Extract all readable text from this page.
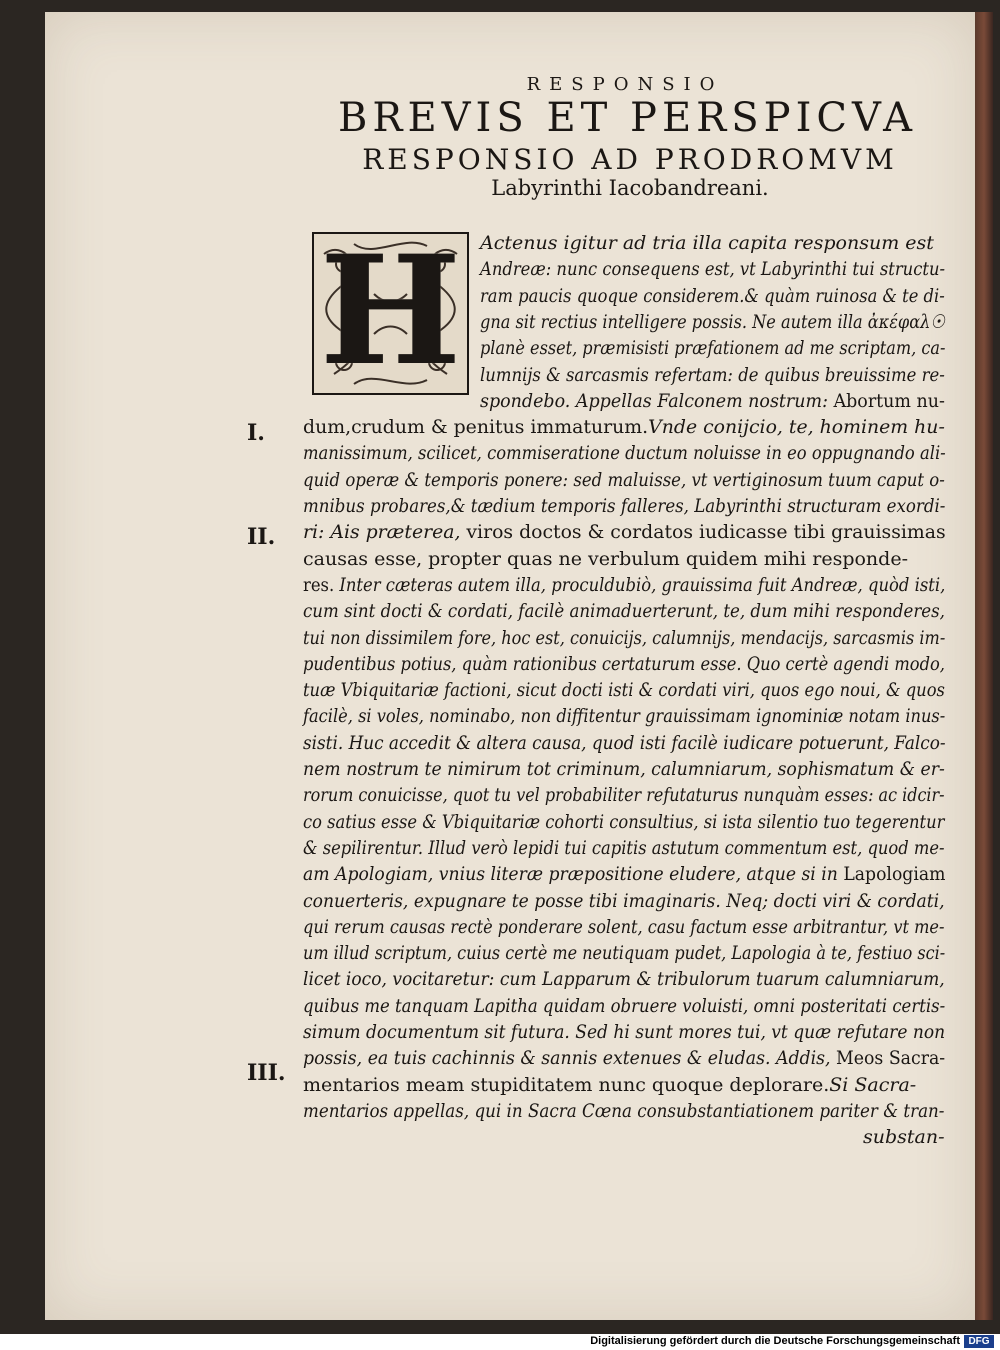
RESPONSIO
BREVIS ET PERSPICVA
RESPONSIO AD PRODROMVM
Labyrinthi Iacobandreani.
H Actenus igitur ad tria illa capita responsum est
Andreæ: nunc consequens est, vt Labyrinthi tui structu-
ram paucis quoque considerem.& quàm ruinosa & te di-
gna sit rectius intelligere possis. Ne autem illa ἀκέφαλ☉
planè esset, præmisisti præfationem ad me scriptam, ca-
lumnijs & sarcasmis refertam: de quibus breuissime re-
spondebo. Appellas Falconem nostrum: Abortum nu-
dum,crudum & penitus immaturum.Vnde conijcio, te, hominem hu-
manissimum, scilicet, commiseratione ductum noluisse in eo oppugnando ali-
quid operæ & temporis ponere: sed maluisse, vt vertiginosum tuum caput o-
mnibus probares,& tædium temporis falleres, Labyrinthi structuram exordi-
ri: Ais præterea, viros doctos & cordatos iudicasse tibi grauissimas
causas esse, propter quas ne verbulum quidem mihi responde-
res. Inter cæteras autem illa, proculdubiò, grauissima fuit Andreæ, quòd isti,
cum sint docti & cordati, facilè animaduerterunt, te, dum mihi responderes,
tui non dissimilem fore, hoc est, conuicijs, calumnijs, mendacijs, sarcasmis im-
pudentibus potius, quàm rationibus certaturum esse. Quo certè agendi modo,
tuæ Vbiquitariæ factioni, sicut docti isti & cordati viri, quos ego noui, & quos
facilè, si voles, nominabo, non diffitentur grauissimam ignominiæ notam inus-
sisti. Huc accedit & altera causa, quod isti facilè iudicare potuerunt, Falco-
nem nostrum te nimirum tot criminum, calumniarum, sophismatum & er-
rorum conuicisse, quot tu vel probabiliter refutaturus nunquàm esses: ac idcir-
co satius esse & Vbiquitariæ cohorti consultius, si ista silentio tuo tegerentur
& sepilirentur. Illud verò lepidi tui capitis astutum commentum est, quod me-
am Apologiam, vnius literæ præpositione eludere, atque si in Lapologiam
conuerteris, expugnare te posse tibi imaginaris. Neq; docti viri & cordati,
qui rerum causas rectè ponderare solent, casu factum esse arbitrantur, vt me-
um illud scriptum, cuius certè me neutiquam pudet, Lapologia à te, festiuo sci-
licet ioco, vocitaretur: cum Lapparum & tribulorum tuarum calumniarum,
quibus me tanquam Lapitha quidam obruere voluisti, omni posteritati certis-
simum documentum sit futura. Sed hi sunt mores tui, vt quæ refutare non
possis, ea tuis cachinnis & sannis extenues & eludas. Addis, Meos Sacra-
mentarios meam stupiditatem nunc quoque deplorare.Si Sacra-
mentarios appellas, qui in Sacra Cœna consubstantiationem pariter & tran-
substan-
I.
II.
III.
Digitalisierung gefördert durch die Deutsche Forschungsgemeinschaft DFG
